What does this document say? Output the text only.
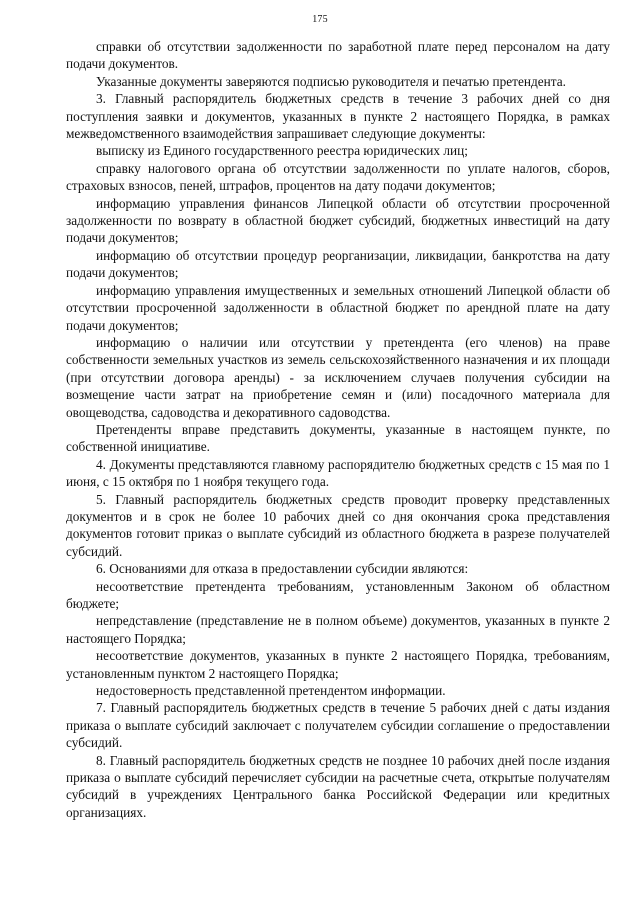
175

справки об отсутствии задолженности по заработной плате перед персоналом на дату подачи документов.

Указанные документы заверяются подписью руководителя и печатью претендента.

3. Главный распорядитель бюджетных средств в течение 3 рабочих дней со дня поступления заявки и документов, указанных в пункте 2 настоящего Порядка, в рамках межведомственного взаимодействия запрашивает следующие документы:

выписку из Единого государственного реестра юридических лиц;

справку налогового органа об отсутствии задолженности по уплате налогов, сборов, страховых взносов, пеней, штрафов, процентов на дату подачи документов;

информацию управления финансов Липецкой области об отсутствии просроченной задолженности по возврату в областной бюджет субсидий, бюджетных инвестиций на дату подачи документов;

информацию об отсутствии процедур реорганизации, ликвидации, банкротства на дату подачи документов;

информацию управления имущественных и земельных отношений Липецкой области об отсутствии просроченной задолженности в областной бюджет по арендной плате на дату подачи документов;

информацию о наличии или отсутствии у претендента (его членов) на праве собственности земельных участков из земель сельскохозяйственного назначения и их площади (при отсутствии договора аренды) - за исключением случаев получения субсидии на возмещение части затрат на приобретение семян и (или) посадочного материала для овощеводства, садоводства и декоративного садоводства.

Претенденты вправе представить документы, указанные в настоящем пункте, по собственной инициативе.

4. Документы представляются главному распорядителю бюджетных средств с 15 мая по 1 июня, с 15 октября по 1 ноября текущего года.

5. Главный распорядитель бюджетных средств проводит проверку представленных документов и в срок не более 10 рабочих дней со дня окончания срока представления документов готовит приказ о выплате субсидий из областного бюджета в разрезе получателей субсидий.

6. Основаниями для отказа в предоставлении субсидии являются:

несоответствие претендента требованиям, установленным Законом об областном бюджете;

непредставление (представление не в полном объеме) документов, указанных в пункте 2 настоящего Порядка;

несоответствие документов, указанных в пункте 2 настоящего Порядка, требованиям, установленным пунктом 2 настоящего Порядка;

недостоверность представленной претендентом информации.

7. Главный распорядитель бюджетных средств в течение 5 рабочих дней с даты издания приказа о выплате субсидий заключает с получателем субсидии соглашение о предоставлении субсидий.

8. Главный распорядитель бюджетных средств не позднее 10 рабочих дней после издания приказа о выплате субсидий перечисляет субсидии на расчетные счета, открытые получателям субсидий в учреждениях Центрального банка Российской Федерации или кредитных организациях.
